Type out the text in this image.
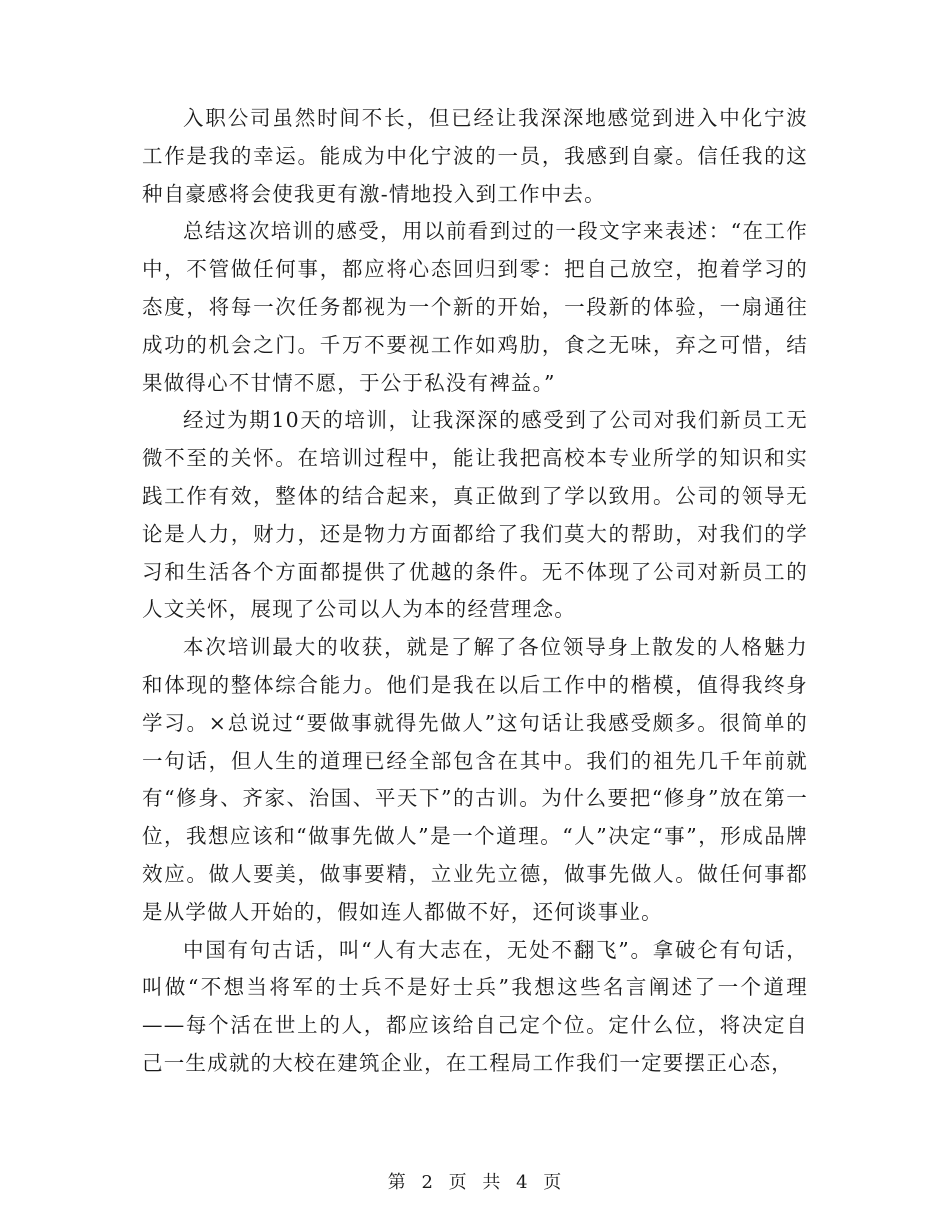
入职公司虽然时间不长，但已经让我深深地感觉到进入中化宁波工作是我的幸运。能成为中化宁波的一员，我感到自豪。信任我的这种自豪感将会使我更有激-情地投入到工作中去。

总结这次培训的感受，用以前看到过的一段文字来表述：“在工作中，不管做任何事，都应将心态回归到零：把自己放空，抱着学习的态度，将每一次任务都视为一个新的开始，一段新的体验，一扇通往成功的机会之门。千万不要视工作如鸡肋，食之无味，弃之可惜，结果做得心不甘情不愿，于公于私没有裨益。”

经过为期10天的培训，让我深深的感受到了公司对我们新员工无微不至的关怀。在培训过程中，能让我把高校本专业所学的知识和实践工作有效，整体的结合起来，真正做到了学以致用。公司的领导无论是人力，财力，还是物力方面都给了我们莫大的帮助，对我们的学习和生活各个方面都提供了优越的条件。无不体现了公司对新员工的人文关怀，展现了公司以人为本的经营理念。

本次培训最大的收获，就是了解了各位领导身上散发的人格魅力和体现的整体综合能力。他们是我在以后工作中的楷模，值得我终身学习。×总说过“要做事就得先做人”这句话让我感受颇多。很简单的一句话，但人生的道理已经全部包含在其中。我们的祖先几千年前就有“修身、齐家、治国、平天下”的古训。为什么要把“修身”放在第一位，我想应该和“做事先做人”是一个道理。“人”决定“事”，形成品牌效应。做人要美，做事要精，立业先立德，做事先做人。做任何事都是从学做人开始的，假如连人都做不好，还何谈事业。

中国有句古话，叫“人有大志在，无处不翻飞”。拿破仑有句话，叫做“不想当将军的士兵不是好士兵”我想这些名言阐述了一个道理——每个活在世上的人，都应该给自己定个位。定什么位，将决定自己一生成就的大校在建筑企业，在工程局工作我们一定要摆正心态，

第 2 页 共 4 页
